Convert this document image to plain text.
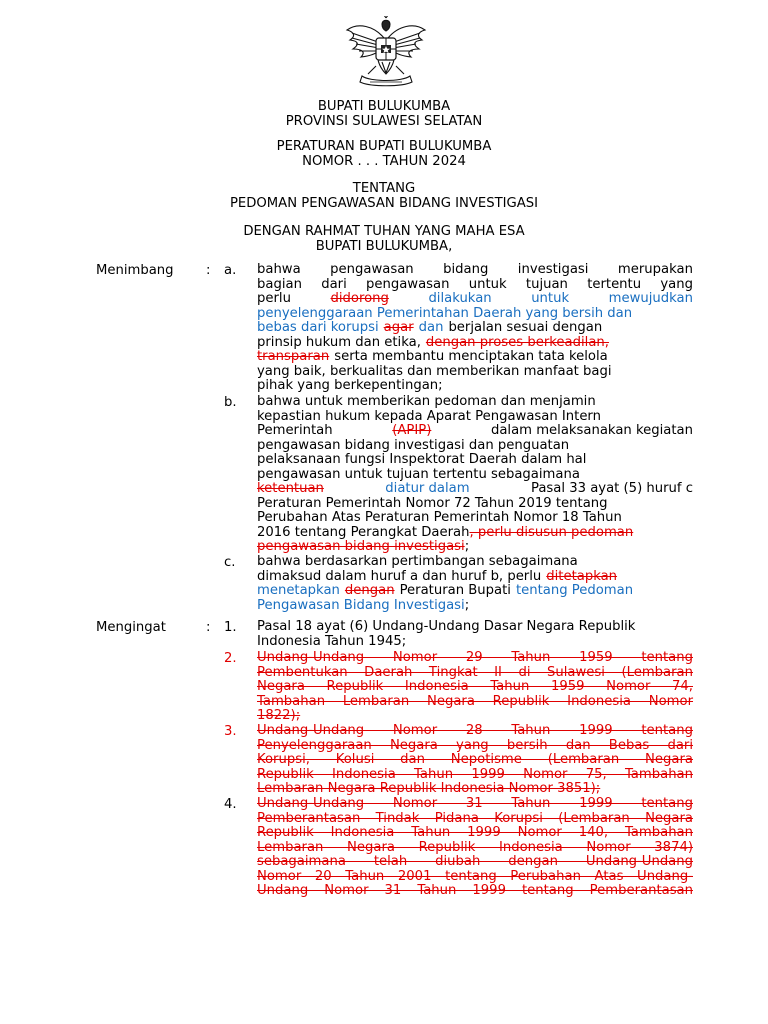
BUPATI BULUKUMBA
PROVINSI SULAWESI SELATAN
PERATURAN BUPATI BULUKUMBA
NOMOR . . . TAHUN 2024
TENTANG
PEDOMAN PENGAWASAN BIDANG INVESTIGASI
DENGAN RAHMAT TUHAN YANG MAHA ESA
BUPATI BULUKUMBA,
Menimbang : a. bahwa pengawasan bidang investigasi merupakan
bagian dari pengawasan untuk tujuan tertentu yang
perlu	didorong	dilakukan	untuk	mewujudkan
penyelenggaraan Pemerintahan Daerah yang bersih dan
bebas dari korupsi agar dan berjalan sesuai dengan
prinsip hukum dan etika, dengan proses berkeadilan,
transparan serta membantu menciptakan tata kelola
yang baik, berkualitas dan memberikan manfaat bagi
pihak yang berkepentingan;
b. bahwa untuk memberikan pedoman dan menjamin
kepastian hukum kepada Aparat Pengawasan Intern
Pemerintah	(APIP)	dalam melaksanakan kegiatan
pengawasan bidang investigasi dan penguatan
pelaksanaan fungsi Inspektorat Daerah dalam hal
pengawasan untuk tujuan tertentu sebagaimana
ketentuan	diatur dalam	Pasal 33 ayat (5) huruf c
Peraturan Pemerintah Nomor 72 Tahun 2019 tentang
Perubahan Atas Peraturan Pemerintah Nomor 18 Tahun
2016 tentang Perangkat Daerah, perlu disusun pedoman
pengawasan bidang investigasi;
c. bahwa berdasarkan pertimbangan sebagaimana
dimaksud dalam huruf a dan huruf b, perlu ditetapkan
menetapkan dengan Peraturan Bupati tentang Pedoman
Pengawasan Bidang Investigasi;
Mengingat	: 1. Pasal 18 ayat (6) Undang-Undang Dasar Negara Republik
Indonesia Tahun 1945;
2. Undang-Undang Nomor 29 Tahun 1959 tentang
Pembentukan Daerah Tingkat II di Sulawesi (Lembaran
Negara Republik Indonesia Tahun 1959 Nomor 74,
Tambahan Lembaran Negara Republik Indonesia Nomor
1822);
3. Undang-Undang Nomor 28 Tahun 1999 tentang
Penyelenggaraan Negara yang bersih dan Bebas dari
Korupsi, Kolusi dan Nepotisme (Lembaran Negara
Republik Indonesia Tahun 1999 Nomor 75, Tambahan
Lembaran Negara Republik Indonesia Nomor 3851);
4. Undang-Undang Nomor 31 Tahun 1999 tentang
Pemberantasan Tindak Pidana Korupsi (Lembaran Negara
Republik Indonesia Tahun 1999 Nomor 140, Tambahan
Lembaran Negara Republik Indonesia Nomor 3874)
sebagaimana telah diubah dengan Undang-Undang
Nomor 20 Tahun 2001 tentang Perubahan Atas Undang-
Undang Nomor 31 Tahun 1999 tentang Pemberantasan
